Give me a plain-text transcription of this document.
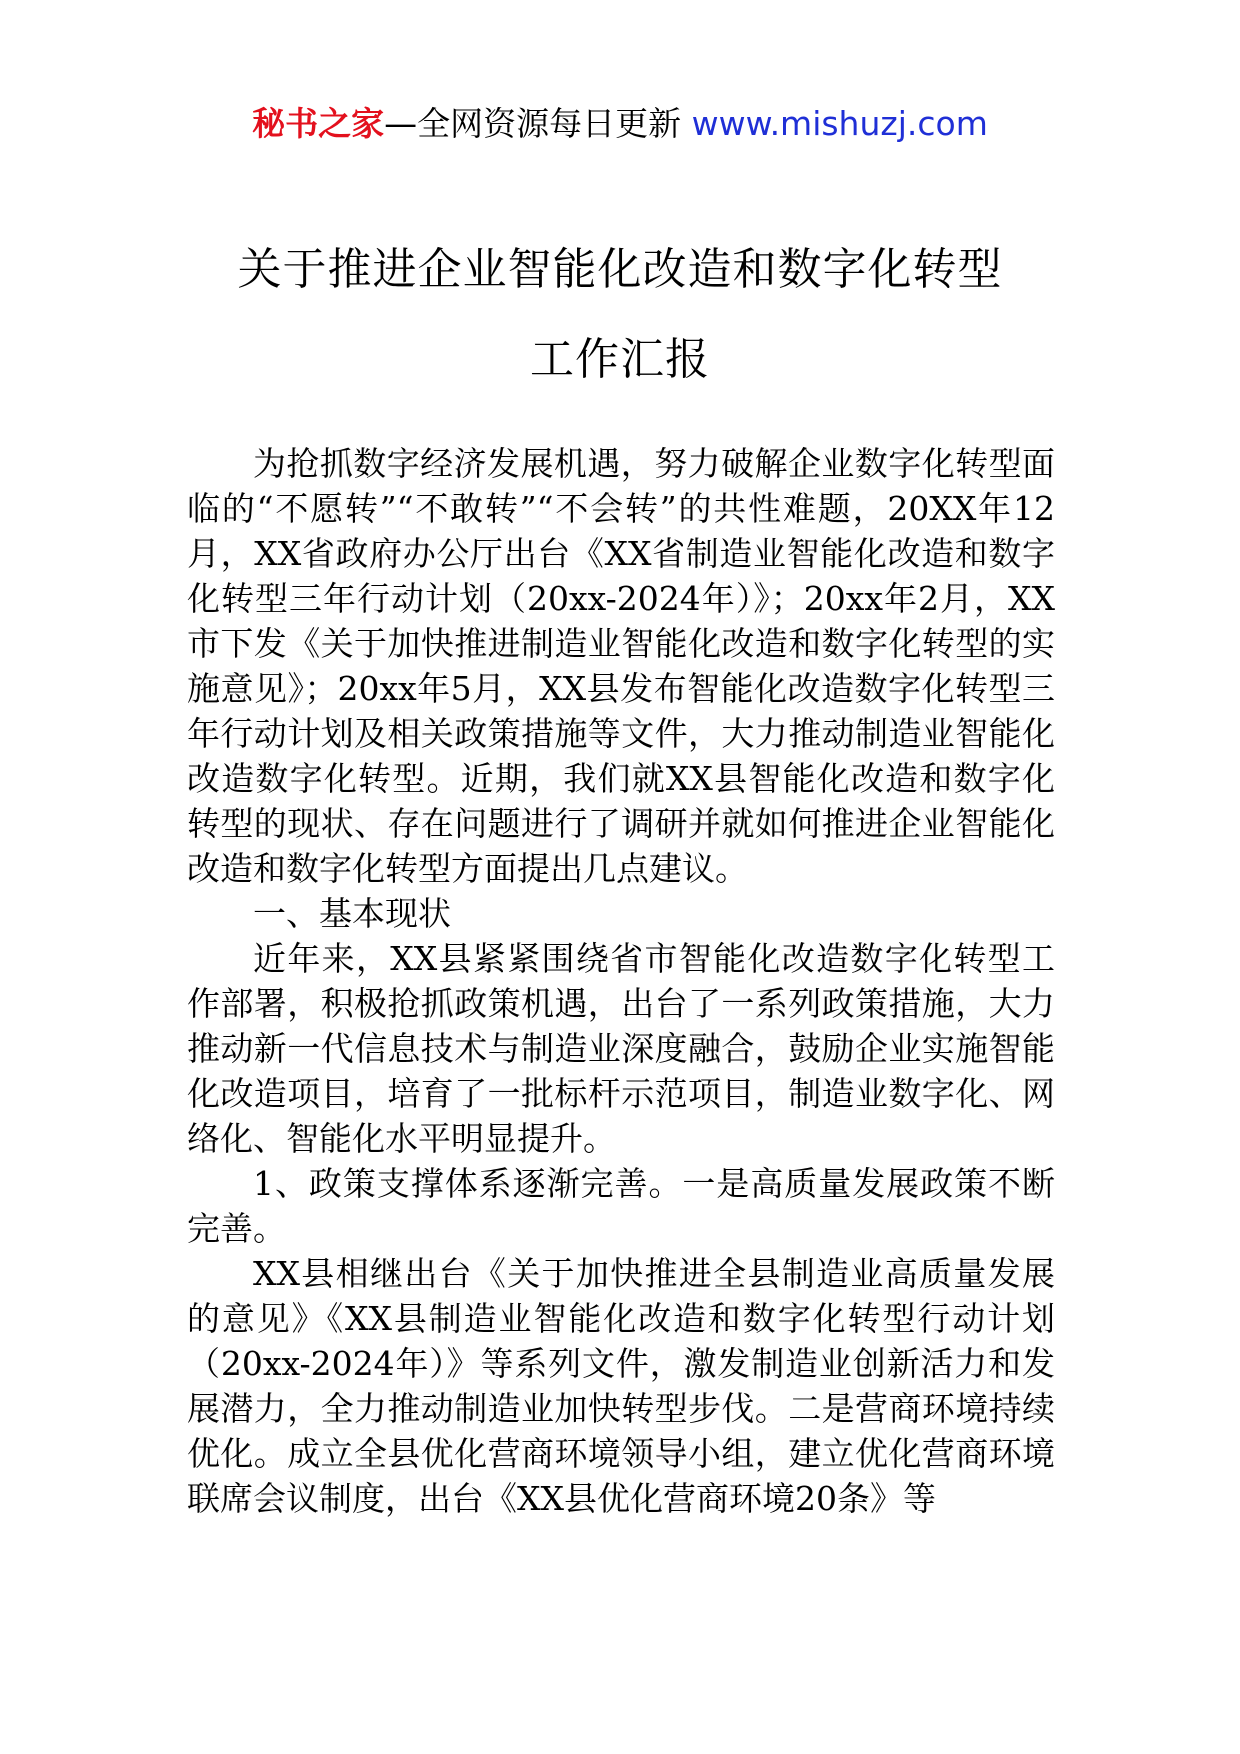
秘书之家—全网资源每日更新 www.mishuzj.com
关于推进企业智能化改造和数字化转型
工作汇报

为抢抓数字经济发展机遇，努力破解企业数字化转型面临的“不愿转”“不敢转”“不会转”的共性难题，20XX年12月，XX省政府办公厅出台《XX省制造业智能化改造和数字化转型三年行动计划（20xx-2024年）》；20xx年2月，XX市下发《关于加快推进制造业智能化改造和数字化转型的实施意见》；20xx年5月，XX县发布智能化改造数字化转型三年行动计划及相关政策措施等文件，大力推动制造业智能化改造数字化转型。近期，我们就XX县智能化改造和数字化转型的现状、存在问题进行了调研并就如何推进企业智能化改造和数字化转型方面提出几点建议。

一、基本现状

近年来，XX县紧紧围绕省市智能化改造数字化转型工作部署，积极抢抓政策机遇，出台了一系列政策措施，大力推动新一代信息技术与制造业深度融合，鼓励企业实施智能化改造项目，培育了一批标杆示范项目，制造业数字化、网络化、智能化水平明显提升。

1、政策支撑体系逐渐完善。一是高质量发展政策不断完善。

XX县相继出台《关于加快推进全县制造业高质量发展的意见》《XX县制造业智能化改造和数字化转型行动计划（20xx-2024年）》等系列文件，激发制造业创新活力和发展潜力，全力推动制造业加快转型步伐。二是营商环境持续优化。成立全县优化营商环境领导小组，建立优化营商环境联席会议制度，出台《XX县优化营商环境20条》等
